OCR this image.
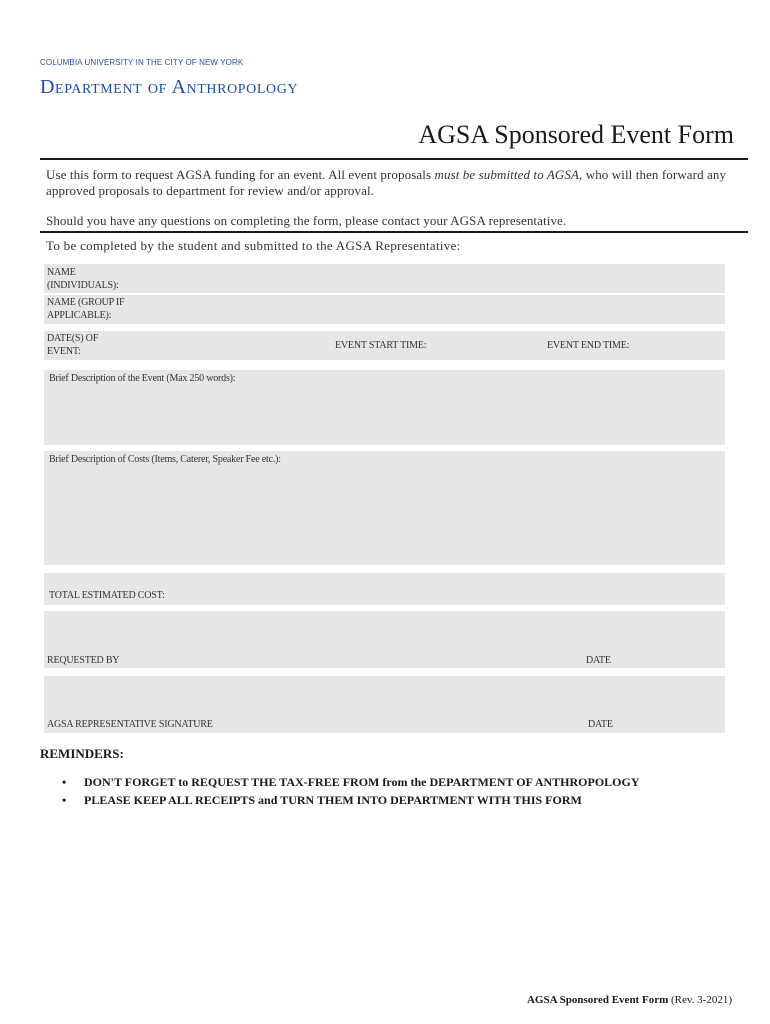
COLUMBIA UNIVERSITY IN THE CITY OF NEW YORK
Department of Anthropology
AGSA Sponsored Event Form
Use this form to request AGSA funding for an event. All event proposals must be submitted to AGSA, who will then forward any approved proposals to department for review and/or approval.
Should you have any questions on completing the form, please contact your AGSA representative.
To be completed by the student and submitted to the AGSA Representative:
NAME
(INDIVIDUALS):
NAME (GROUP IF
APPLICABLE):
DATE(S) OF
EVENT:
EVENT START TIME:	EVENT END TIME:
Brief Description of the Event (Max 250 words):
Brief Description of Costs (Items, Caterer, Speaker Fee etc.):
TOTAL ESTIMATED COST:
REQUESTED BY	DATE
AGSA REPRESENTATIVE SIGNATURE	DATE
REMINDERS:
• DON'T FORGET to REQUEST THE TAX-FREE FROM from the DEPARTMENT OF ANTHROPOLOGY
• PLEASE KEEP ALL RECEIPTS and TURN THEM INTO DEPARTMENT WITH THIS FORM
AGSA Sponsored Event Form (Rev. 3-2021)
